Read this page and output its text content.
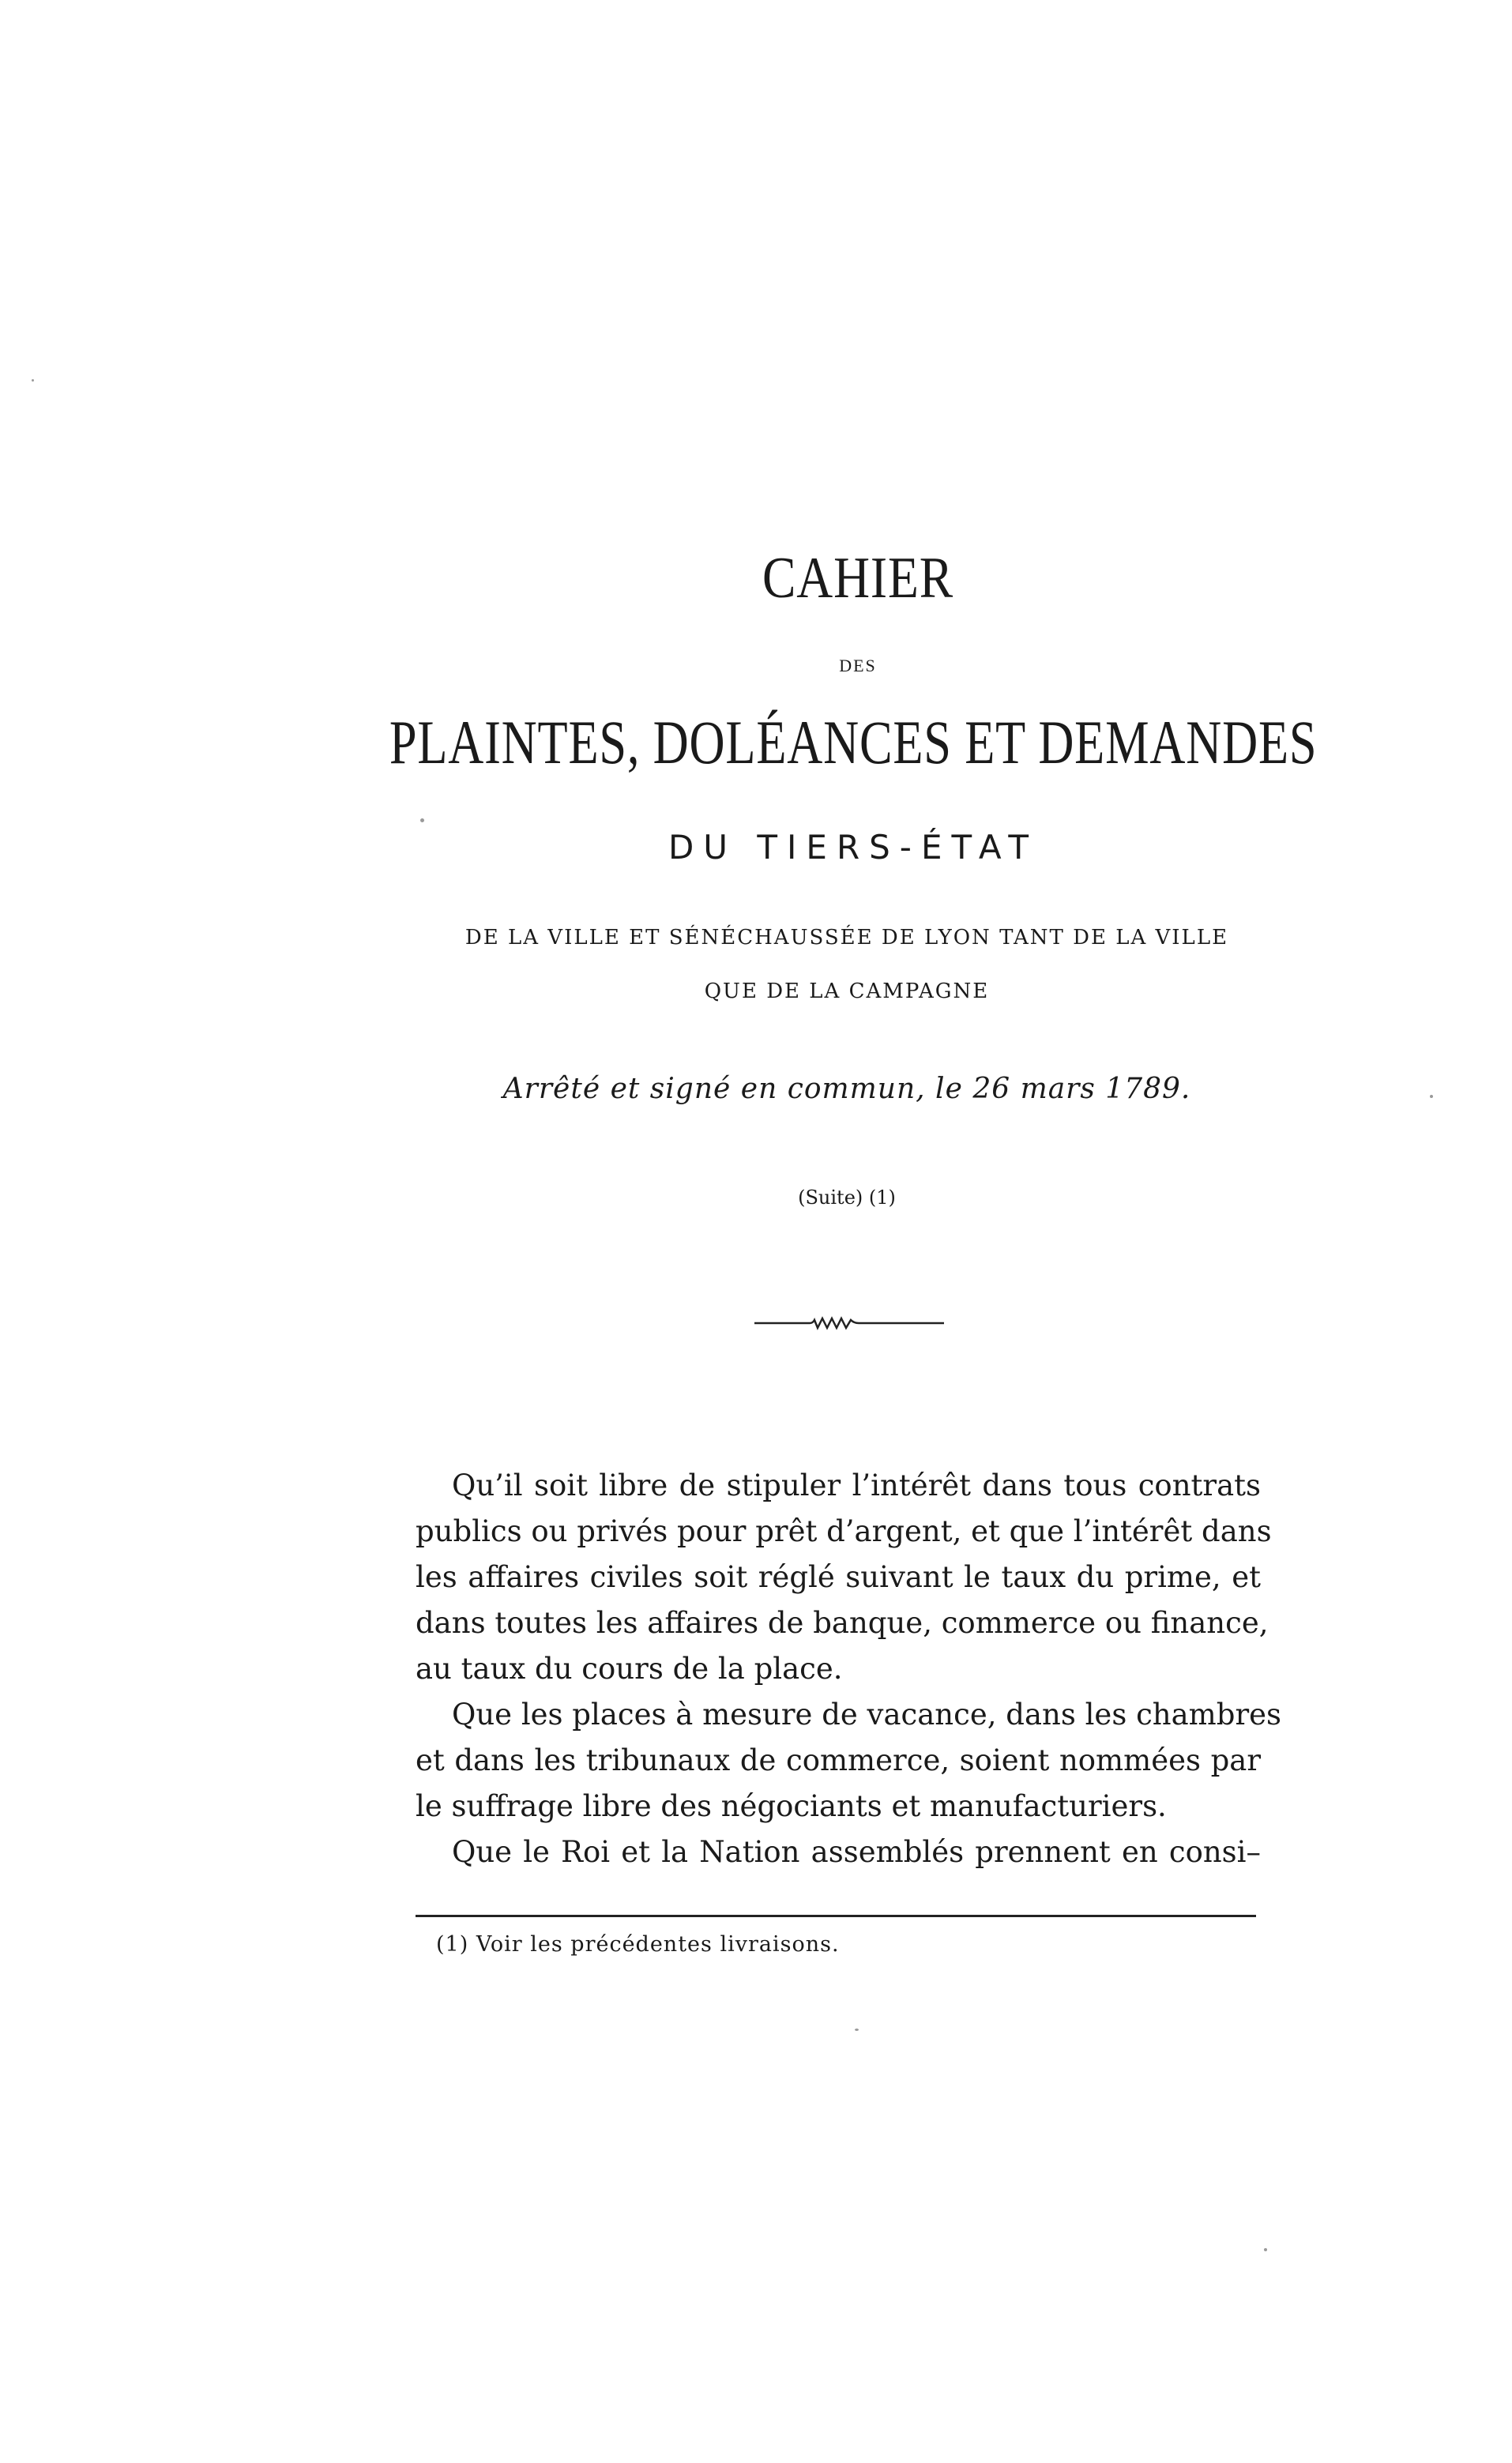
CAHIER
DES
PLAINTES, DOLÉANCES ET DEMANDES
DU TIERS-ÉTAT
DE LA VILLE ET SÉNÉCHAUSSÉE DE LYON TANT DE LA VILLE
QUE DE LA CAMPAGNE
Arrêté et signé en commun, le 26 mars 1789.
(Suite) (1)
Qu’il soit libre de stipuler l’intérêt dans tous contrats
publics ou privés pour prêt d’argent, et que l’intérêt dans
les affaires civiles soit réglé suivant le taux du prime, et
dans toutes les affaires de banque, commerce ou finance,
au taux du cours de la place.
Que les places à mesure de vacance, dans les chambres
et dans les tribunaux de commerce, soient nommées par
le suffrage libre des négociants et manufacturiers.
Que le Roi et la Nation assemblés prennent en consi–
(1) Voir les précédentes livraisons.
